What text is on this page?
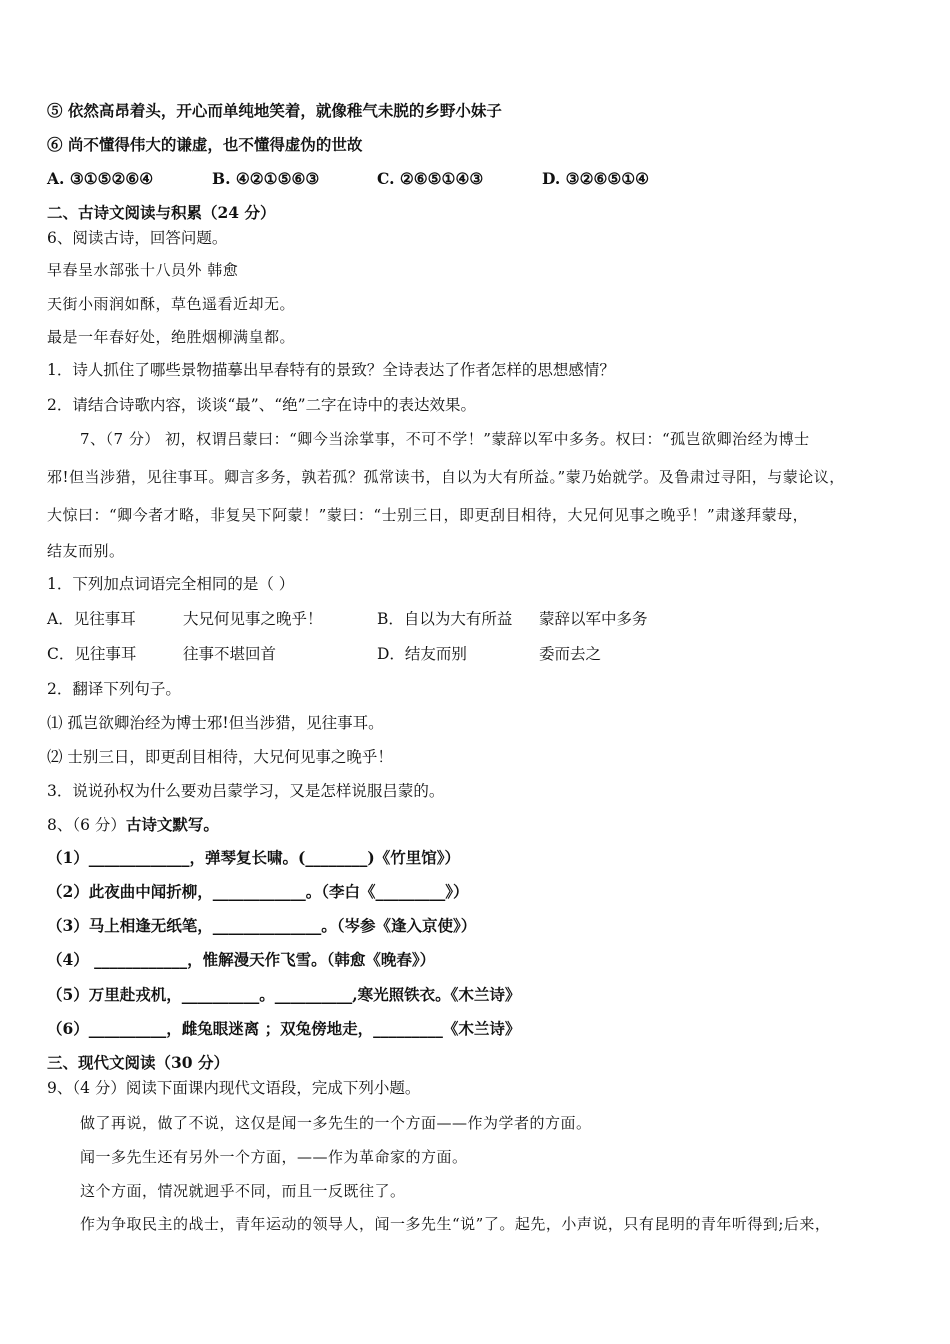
⑤ 依然高昂着头，开心而单纯地笑着，就像稚气未脱的乡野小妹子
⑥ 尚不懂得伟大的谦虚，也不懂得虚伪的世故
A. ③①⑤②⑥④	B. ④②①⑤⑥③	C. ②⑥⑤①④③	D. ③②⑥⑤①④
二、古诗文阅读与积累（24 分）
6、阅读古诗，回答问题。
早春呈水部张十八员外 韩愈
天街小雨润如酥，草色遥看近却无。
最是一年春好处，绝胜烟柳满皇都。
1．诗人抓住了哪些景物描摹出早春特有的景致？全诗表达了作者怎样的思想感情？
2．请结合诗歌内容，谈谈“最”、“绝”二字在诗中的表达效果。
7、（7 分） 初，权谓吕蒙曰：“卿今当涂掌事，不可不学！”蒙辞以军中多务。权曰：“孤岂欲卿治经为博士
邪!但当涉猎，见往事耳。卿言多务，孰若孤？孤常读书，自以为大有所益。”蒙乃始就学。及鲁肃过寻阳，与蒙论议，
大惊曰：“卿今者才略，非复吴下阿蒙！”蒙曰：“士别三日，即更刮目相待，大兄何见事之晚乎！”肃遂拜蒙母，
结友而别。
1．下列加点词语完全相同的是（ ）
A．见往事耳	大兄何见事之晚乎！	B．自以为大有所益 蒙辞以军中多务
C．见往事耳	往事不堪回首	D．结友而别	委而去之
2．翻译下列句子。
⑴ 孤岂欲卿治经为博士邪!但当涉猎，见往事耳。
⑵ 士别三日，即更刮目相待，大兄何见事之晚乎！
3．说说孙权为什么要劝吕蒙学习，又是怎样说服吕蒙的。
8、（6 分）古诗文默写。
（1）_____________，弹琴复长啸。(________)《竹里馆》）
（2）此夜曲中闻折柳，____________。（李白《_________》）
（3）马上相逢无纸笔，______________。（岑参《逢入京使》）
（4） ____________，惟解漫天作飞雪。（韩愈《晚春》）
（5）万里赴戎机，__________。__________,寒光照铁衣。《木兰诗》
（6）__________，雌兔眼迷离 ；双兔傍地走，_________《木兰诗》
三、现代文阅读（30 分）
9、（4 分）阅读下面课内现代文语段，完成下列小题。
做了再说，做了不说，这仅是闻一多先生的一个方面——作为学者的方面。
闻一多先生还有另外一个方面，——作为革命家的方面。
这个方面，情况就迥乎不同，而且一反既往了。
作为争取民主的战士，青年运动的领导人，闻一多先生“说”了。起先，小声说，只有昆明的青年听得到;后来，
